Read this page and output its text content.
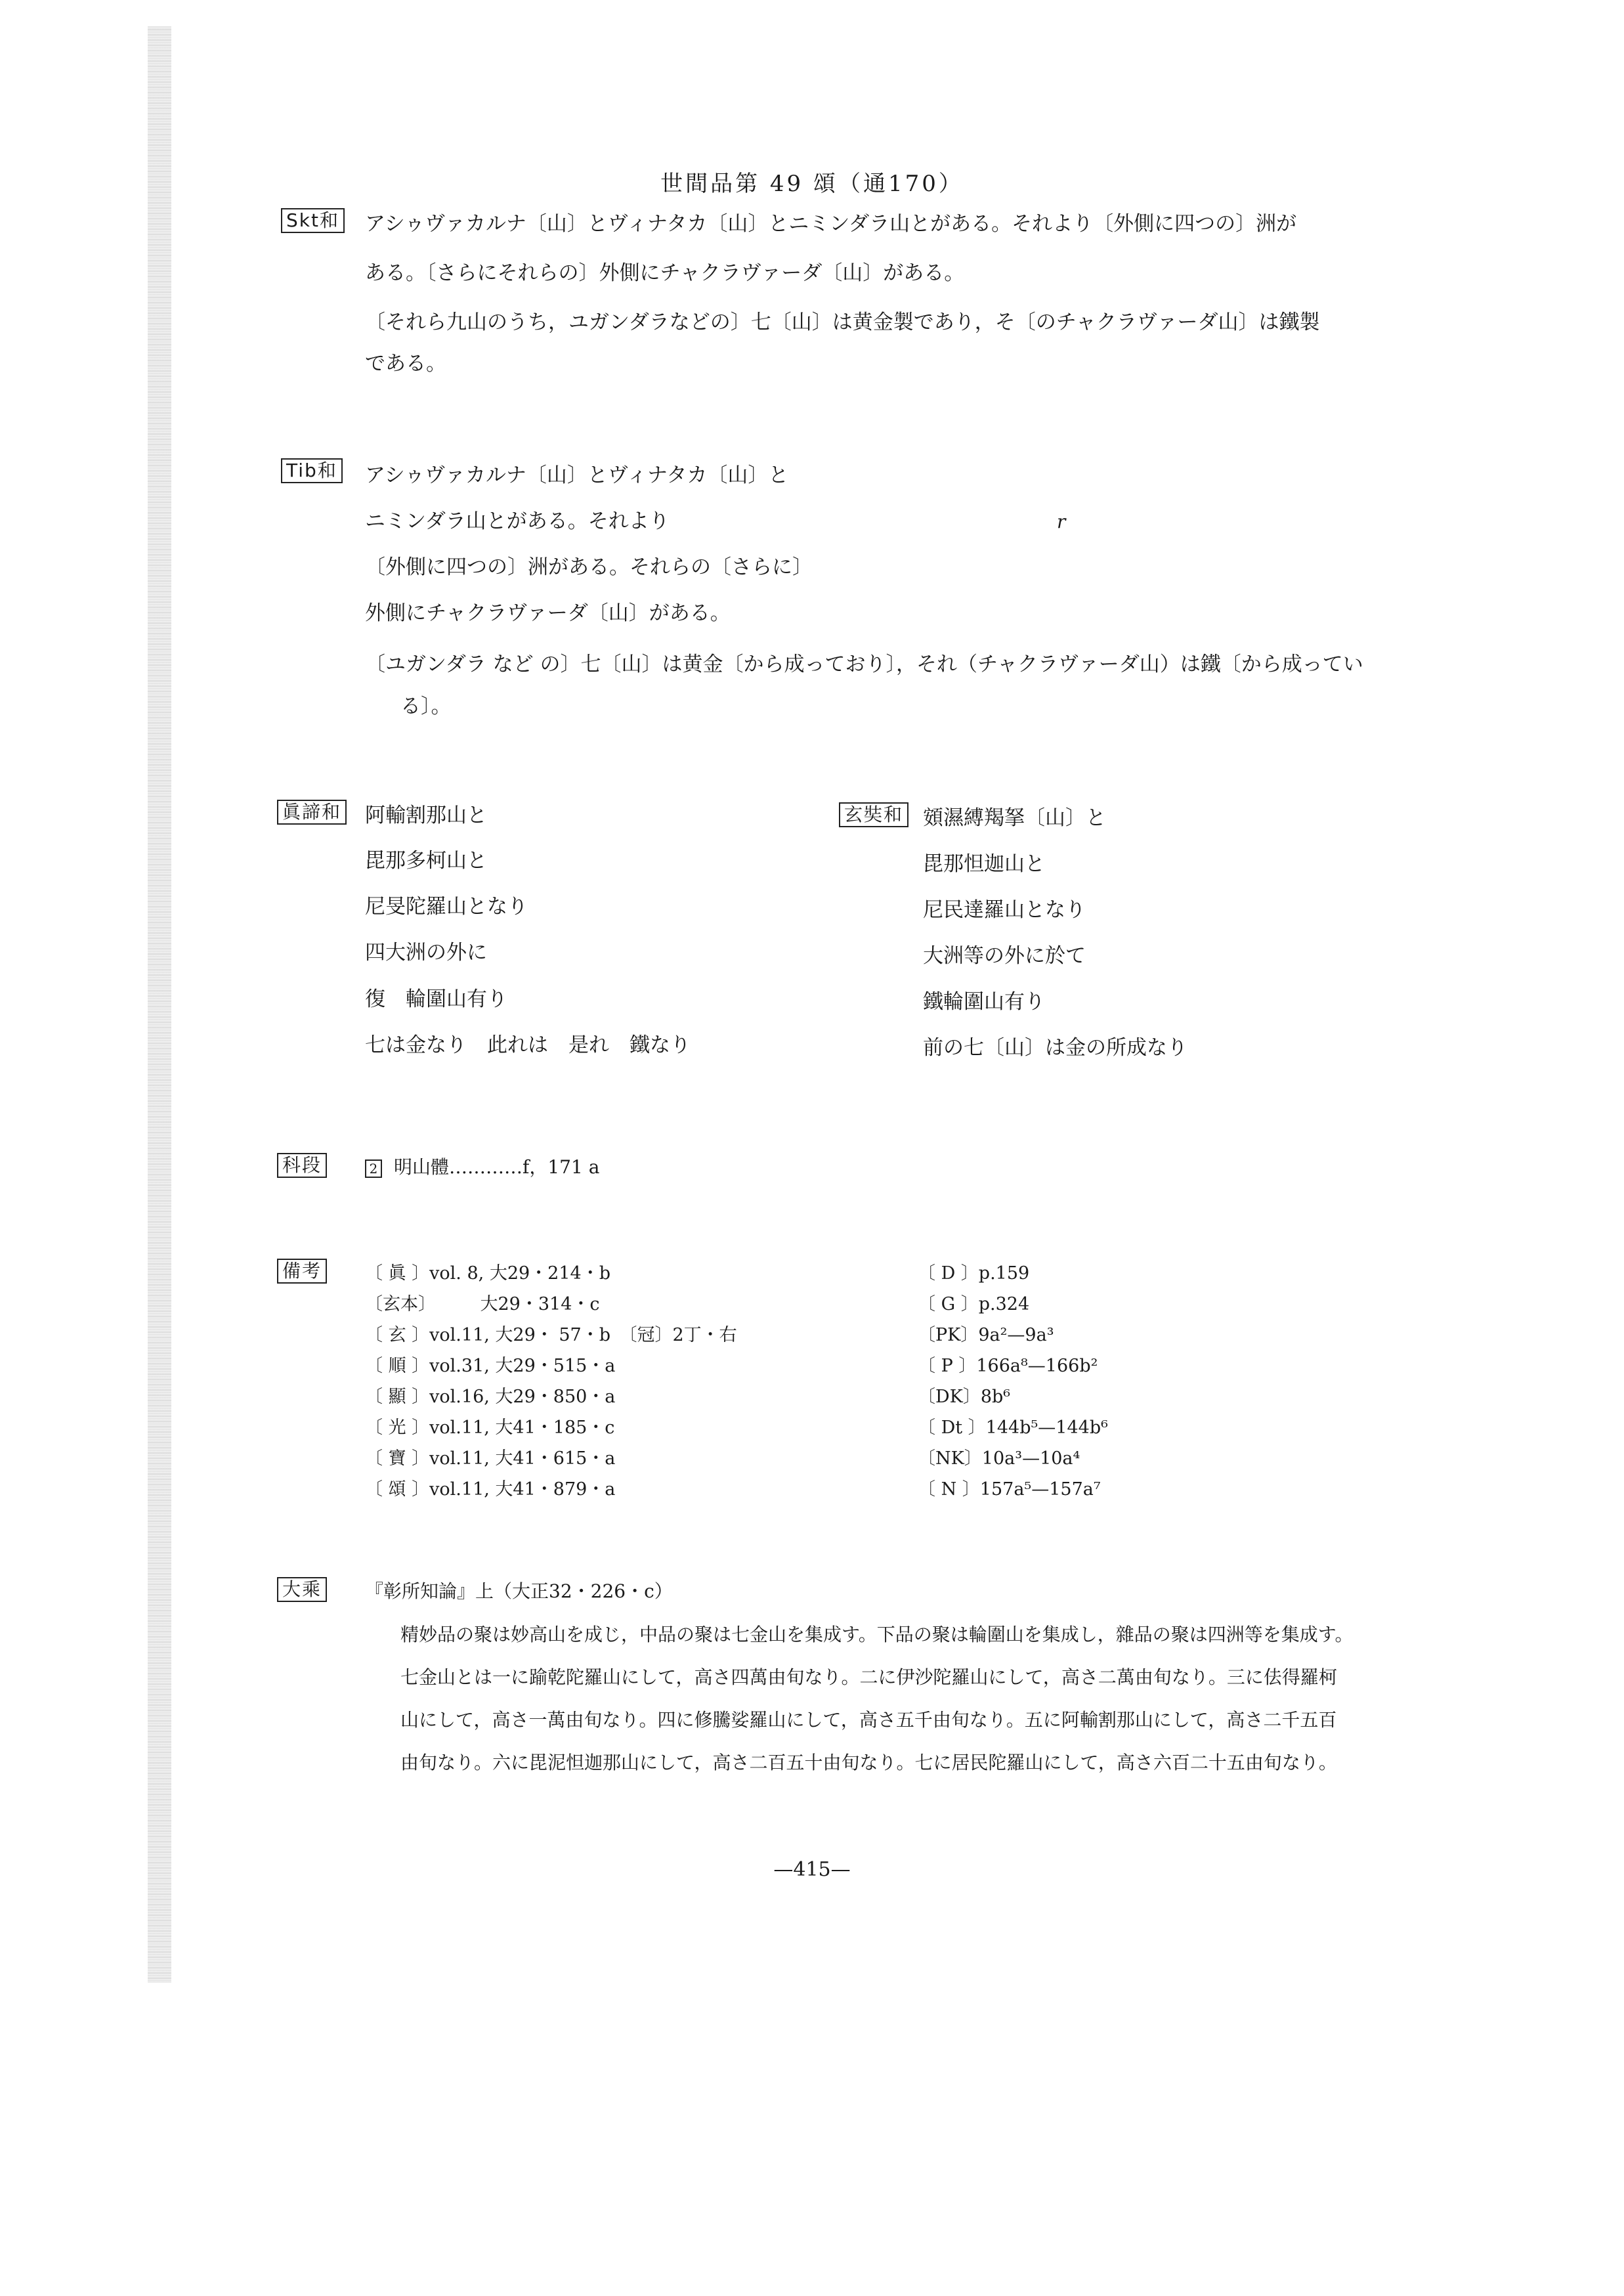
世間品第 49 頌（通170）
Skt和 アシゥヴァカルナ〔山〕とヴィナタカ〔山〕とニミンダラ山とがある。それより〔外側に四つの〕洲が
ある。〔さらにそれらの〕外側にチャクラヴァーダ〔山〕がある。
〔それら九山のうち，ユガンダラなどの〕七〔山〕は黄金製であり，そ〔のチャクラヴァーダ山〕は鐵製
である。
Tib和 アシゥヴァカルナ〔山〕とヴィナタカ〔山〕と
ニミンダラ山とがある。それより
〔外側に四つの〕洲がある。それらの〔さらに〕
外側にチャクラヴァーダ〔山〕がある。
〔ユガンダラ など の〕七〔山〕は黄金〔から成っており〕，それ（チャクラヴァーダ山）は鐵〔から成ってい
る〕。
r
眞諦和 阿輸割那山と
毘那多柯山と
尼旻陀羅山となり
四大洲の外に
復　輪圍山有り
七は金なり　此れは　是れ　鐵なり
玄奘和 頞濕縛羯拏〔山〕と
毘那怛迦山と
尼民達羅山となり
大洲等の外に於て
鐵輪圍山有り
前の七〔山〕は金の所成なり
科段	2 明山體…………f，171 a
備考 〔 眞 〕vol. 8, 大29・214・b
〔玄本〕　　　大29・314・c
〔 玄 〕vol.11, 大29・ 57・b　〔冠〕2丁・右
〔 順 〕vol.31, 大29・515・a
〔 顯 〕vol.16, 大29・850・a
〔 光 〕vol.11, 大41・185・c
〔 寶 〕vol.11, 大41・615・a
〔 頌 〕vol.11, 大41・879・a
〔 D 〕p.159
〔 G 〕p.324
〔PK〕9a²—9a³
〔 P 〕166a⁸—166b²
〔DK〕8b⁶
〔 Dt 〕144b⁵—144b⁶
〔NK〕10a³—10a⁴
〔 N 〕157a⁵—157a⁷
大乘 『彰所知論』上（大正32・226・c）
精妙品の聚は妙高山を成じ，中品の聚は七金山を集成す。下品の聚は輪圍山を集成し，雜品の聚は四洲等を集成す。
七金山とは一に踰乾陀羅山にして，高さ四萬由旬なり。二に伊沙陀羅山にして，高さ二萬由旬なり。三に佉得羅柯
山にして，高さ一萬由旬なり。四に修騰娑羅山にして，高さ五千由旬なり。五に阿輸割那山にして，高さ二千五百
由旬なり。六に毘泥怛迦那山にして，高さ二百五十由旬なり。七に居民陀羅山にして，高さ六百二十五由旬なり。
—415—
